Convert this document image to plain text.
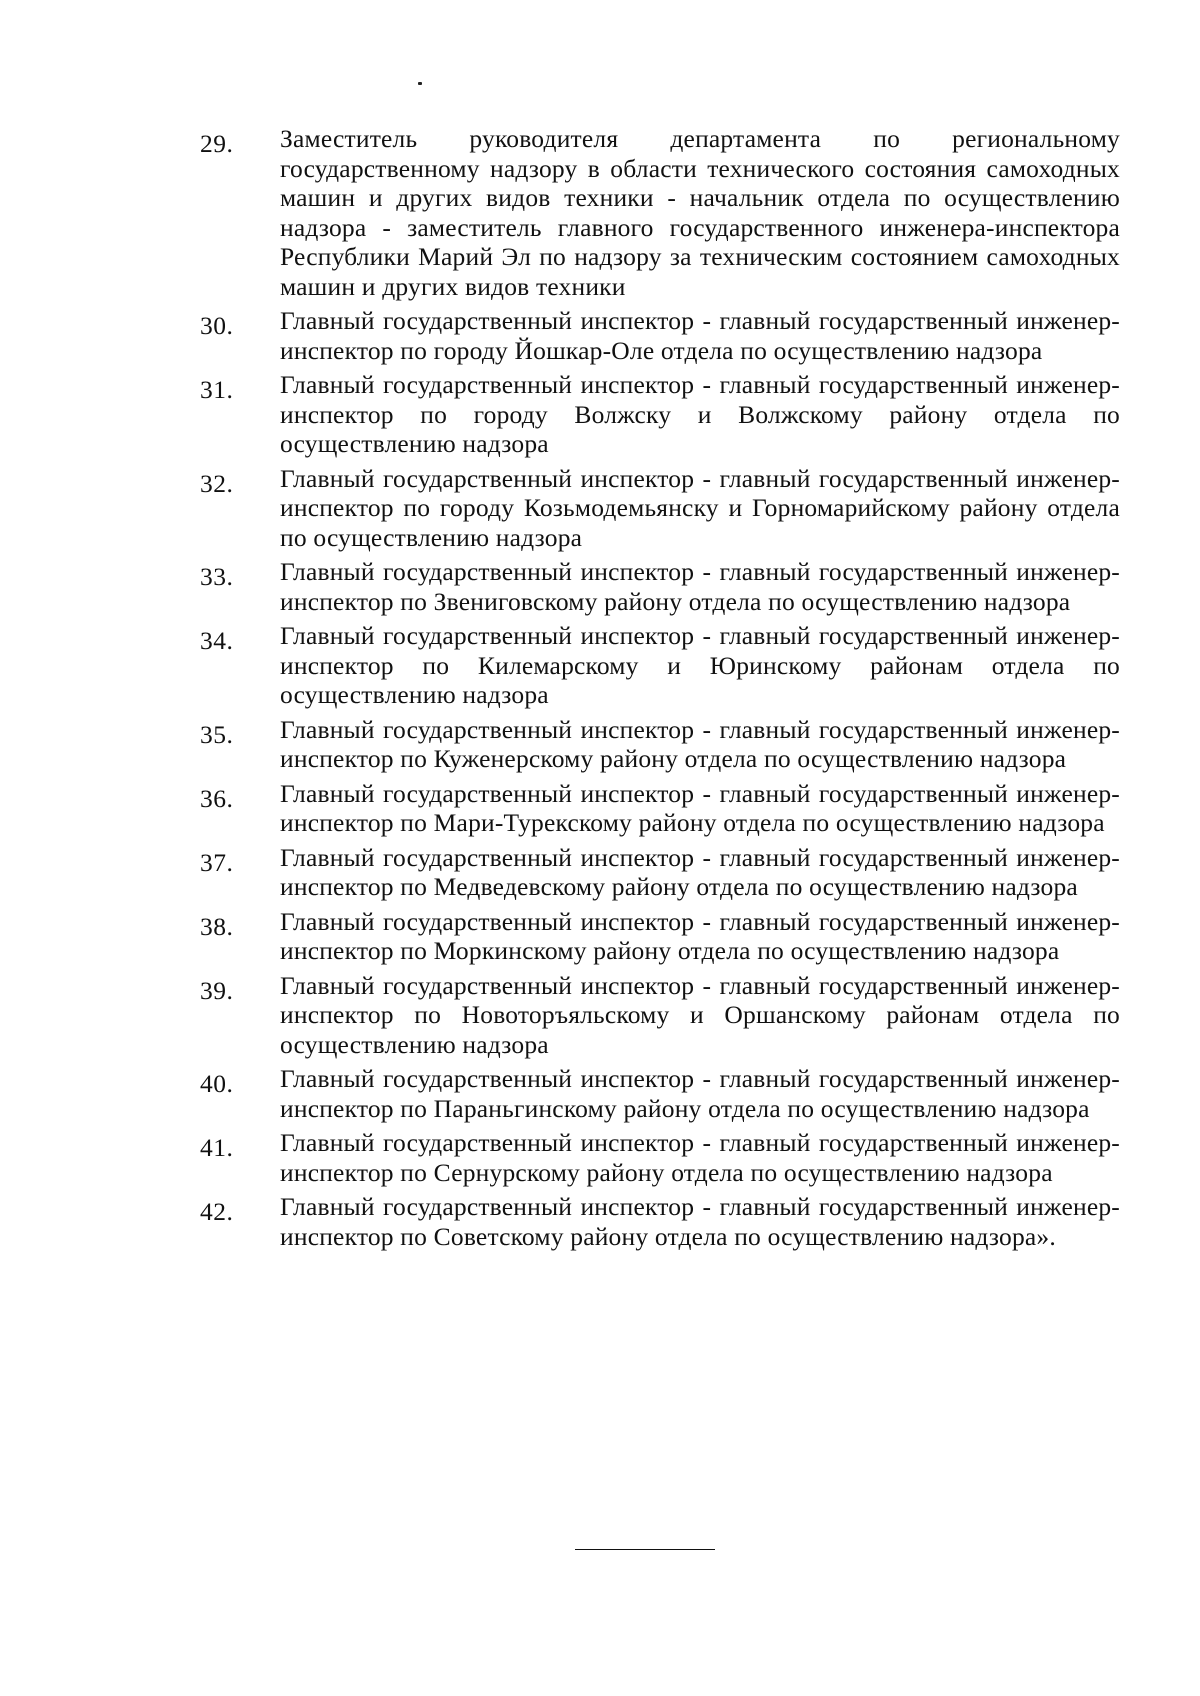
29.	Заместитель руководителя департамента по региональному государственному надзору в области технического состояния самоходных машин и других видов техники - начальник отдела по осуществлению надзора - заместитель главного государственного инженера-инспектора Республики Марий Эл по надзору за техническим состоянием самоходных машин и других видов техники
30.	Главный государственный инспектор - главный государственный инженер-инспектор по городу Йошкар-Оле отдела по осуществлению надзора
31.	Главный государственный инспектор - главный государственный инженер-инспектор по городу Волжску и Волжскому району отдела по осуществлению надзора
32.	Главный государственный инспектор - главный государственный инженер-инспектор по городу Козьмодемьянску и Горномарийскому району отдела по осуществлению надзора
33.	Главный государственный инспектор - главный государственный инженер-инспектор по Звениговскому району отдела по осуществлению надзора
34.	Главный государственный инспектор - главный государственный инженер-инспектор по Килемарскому и Юринскому районам отдела по осуществлению надзора
35.	Главный государственный инспектор - главный государственный инженер-инспектор по Куженерскому району отдела по осуществлению надзора
36.	Главный государственный инспектор - главный государственный инженер-инспектор по Мари-Турекскому району отдела по осуществлению надзора
37.	Главный государственный инспектор - главный государственный инженер-инспектор по Медведевскому району отдела по осуществлению надзора
38.	Главный государственный инспектор - главный государственный инженер-инспектор по Моркинскому району отдела по осуществлению надзора
39.	Главный государственный инспектор - главный государственный инженер-инспектор по Новоторъяльскому и Оршанскому районам отдела по осуществлению надзора
40.	Главный государственный инспектор - главный государственный инженер-инспектор по Параньгинскому району отдела по осуществлению надзора
41.	Главный государственный инспектор - главный государственный инженер-инспектор по Сернурскому району отдела по осуществлению надзора
42.	Главный государственный инспектор - главный государственный инженер-инспектор по Советскому району отдела по осуществлению надзора».
